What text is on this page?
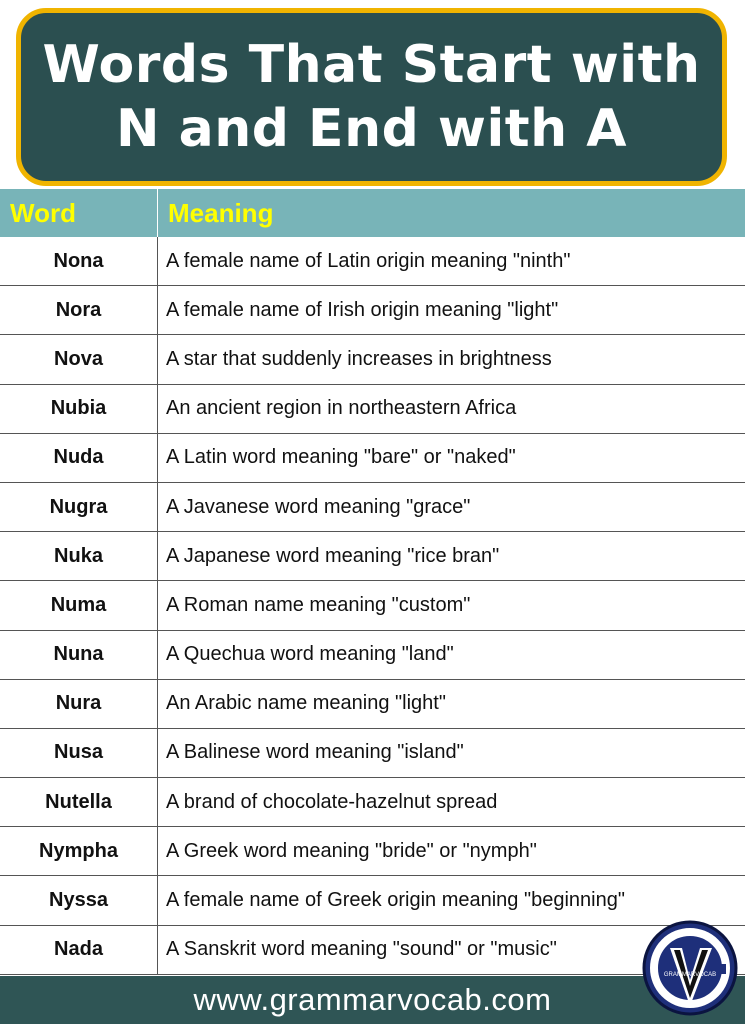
Words That Start with
N and End with A
Word	Meaning
Nona	A female name of Latin origin meaning "ninth"
Nora	A female name of Irish origin meaning "light"
Nova	A star that suddenly increases in brightness
Nubia	An ancient region in northeastern Africa
Nuda	A Latin word meaning "bare" or "naked"
Nugra	A Javanese word meaning "grace"
Nuka	A Japanese word meaning "rice bran"
Numa	A Roman name meaning "custom"
Nuna	A Quechua word meaning "land"
Nura	An Arabic name meaning "light"
Nusa	A Balinese word meaning "island"
Nutella	A brand of chocolate-hazelnut spread
Nympha	A Greek word meaning "bride" or "nymph"
Nyssa	A female name of Greek origin meaning "beginning"
Nada	A Sanskrit word meaning "sound" or "music"
www.grammarvocab.com
GRAMMARVOCAB
